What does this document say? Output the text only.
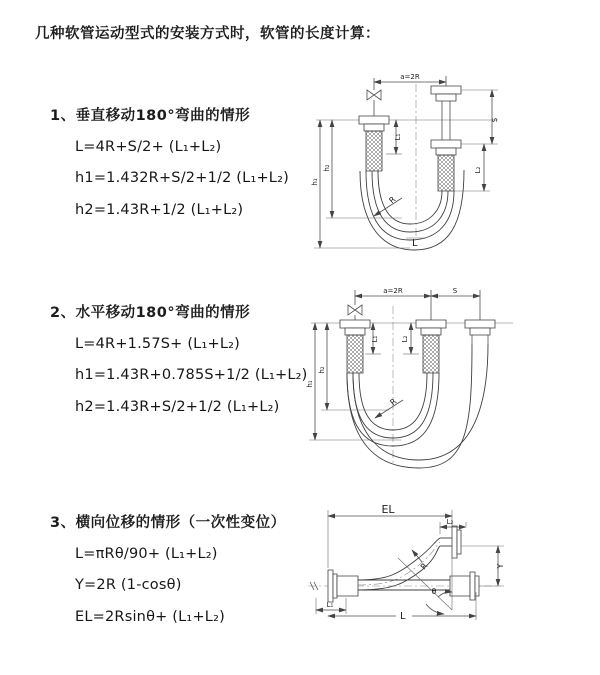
几种软管运动型式的安装方式时，软管的长度计算：
1、垂直移动180°弯曲的情形
L=4R+S/2+ (L₁+L₂)
h1=1.432R+S/2+1/2 (L₁+L₂)
h2=1.43R+1/2 (L₁+L₂)
2、水平移动180°弯曲的情形
L=4R+1.57S+ (L₁+L₂)
h1=1.43R+0.785S+1/2 (L₁+L₂)
h2=1.43R+S/2+1/2 (L₁+L₂)
3、横向位移的情形（一次性变位）
L=πRθ/90+ (L₁+L₂)
Y=2R (1-cosθ)
EL=2Rsinθ+ (L₁+L₂)
a=2R
S
L₂
h₁
h₂
L₁
R
L
a=2R	S
h₁
h₂
L₁	L₂
R
EL
L₂
Y
R
θ
L
L₁
